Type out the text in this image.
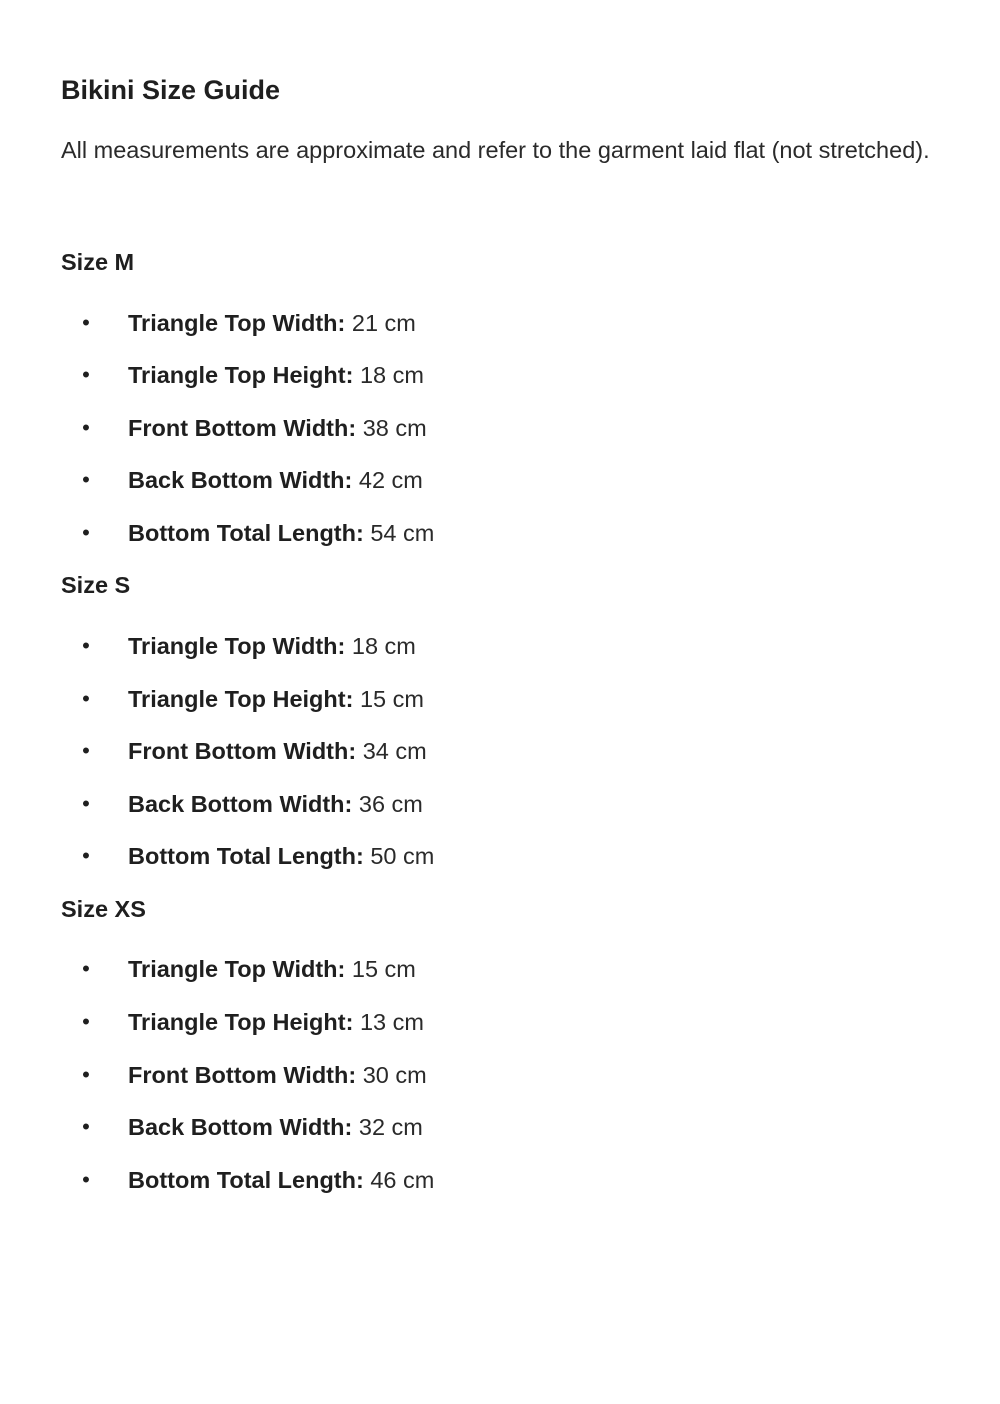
Bikini Size Guide

All measurements are approximate and refer to the garment laid flat (not stretched).

Size M
• Triangle Top Width: 21 cm
• Triangle Top Height: 18 cm
• Front Bottom Width: 38 cm
• Back Bottom Width: 42 cm
• Bottom Total Length: 54 cm
Size S
• Triangle Top Width: 18 cm
• Triangle Top Height: 15 cm
• Front Bottom Width: 34 cm
• Back Bottom Width: 36 cm
• Bottom Total Length: 50 cm
Size XS
• Triangle Top Width: 15 cm
• Triangle Top Height: 13 cm
• Front Bottom Width: 30 cm
• Back Bottom Width: 32 cm
• Bottom Total Length: 46 cm
